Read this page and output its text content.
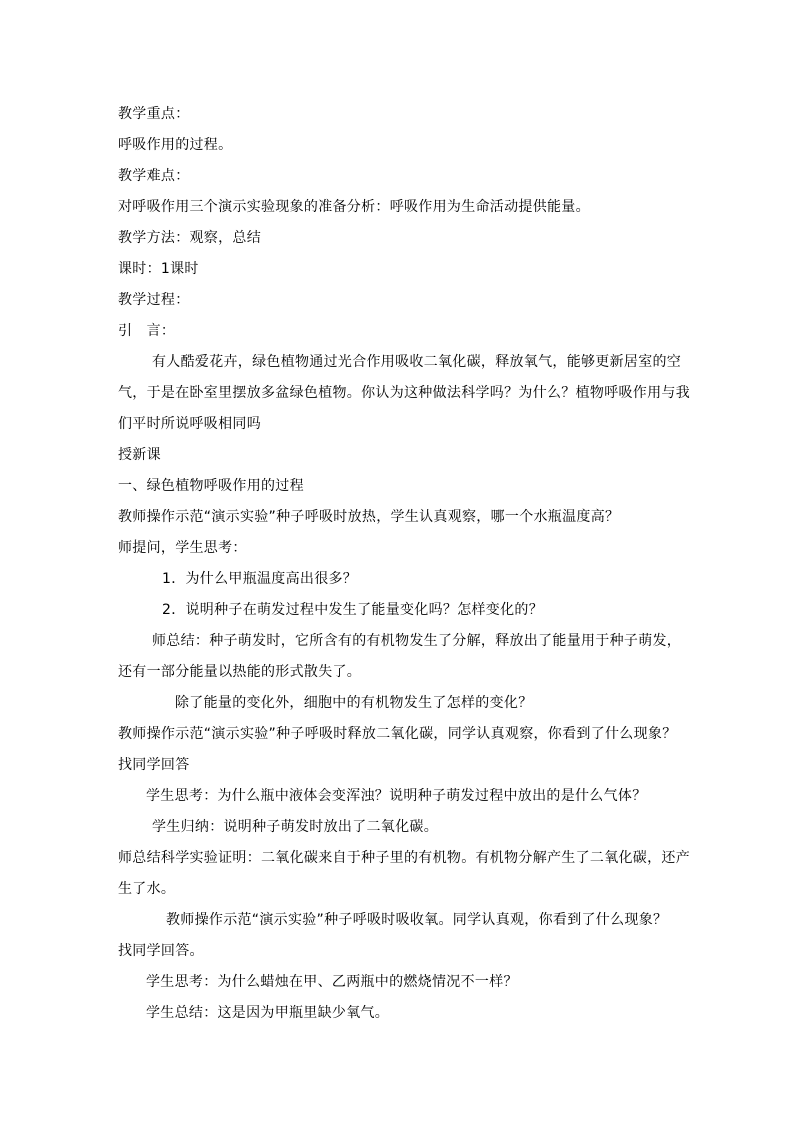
教学重点：
呼吸作用的过程。
教学难点：
对呼吸作用三个演示实验现象的准备分析：呼吸作用为生命活动提供能量。
教学方法：观察，总结
课时：1课时
教学过程：
引　言：
有人酷爱花卉，绿色植物通过光合作用吸收二氧化碳，释放氧气，能够更新居室的空
气，于是在卧室里摆放多盆绿色植物。你认为这种做法科学吗？为什么？植物呼吸作用与我
们平时所说呼吸相同吗
授新课
一、绿色植物呼吸作用的过程
教师操作示范“演示实验”种子呼吸时放热，学生认真观察，哪一个水瓶温度高？
师提问，学生思考：
1．为什么甲瓶温度高出很多？
2．说明种子在萌发过程中发生了能量变化吗？怎样变化的？
师总结：种子萌发时，它所含有的有机物发生了分解，释放出了能量用于种子萌发，
还有一部分能量以热能的形式散失了。
除了能量的变化外，细胞中的有机物发生了怎样的变化？
教师操作示范“演示实验”种子呼吸时释放二氧化碳，同学认真观察，你看到了什么现象？
找同学回答
学生思考：为什么瓶中液体会变浑浊？说明种子萌发过程中放出的是什么气体？
学生归纳：说明种子萌发时放出了二氧化碳。
师总结科学实验证明：二氧化碳来自于种子里的有机物。有机物分解产生了二氧化碳，还产
生了水。
教师操作示范“演示实验”种子呼吸时吸收氧。同学认真观，你看到了什么现象？
找同学回答。
学生思考：为什么蜡烛在甲、乙两瓶中的燃烧情况不一样？
学生总结：这是因为甲瓶里缺少氧气。
